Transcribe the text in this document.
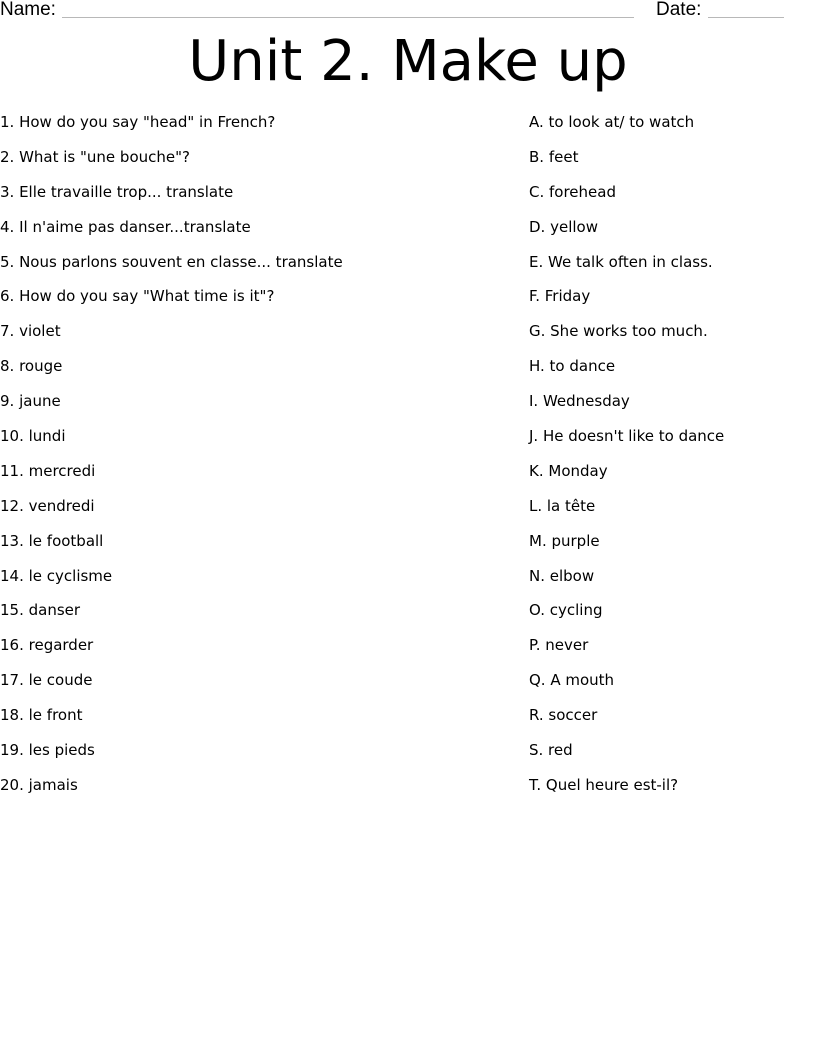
Name:	Date:
Unit 2. Make up
1. How do you say "head" in French?
2. What is "une bouche"?
3. Elle travaille trop... translate
4. Il n'aime pas danser...translate
5. Nous parlons souvent en classe... translate
6. How do you say "What time is it"?
7. violet
8. rouge
9. jaune
10. lundi
11. mercredi
12. vendredi
13. le football
14. le cyclisme
15. danser
16. regarder
17. le coude
18. le front
19. les pieds
20. jamais
A. to look at/ to watch
B. feet
C. forehead
D. yellow
E. We talk often in class.
F. Friday
G. She works too much.
H. to dance
I. Wednesday
J. He doesn't like to dance
K. Monday
L. la tête
M. purple
N. elbow
O. cycling
P. never
Q. A mouth
R. soccer
S. red
T. Quel heure est-il?
